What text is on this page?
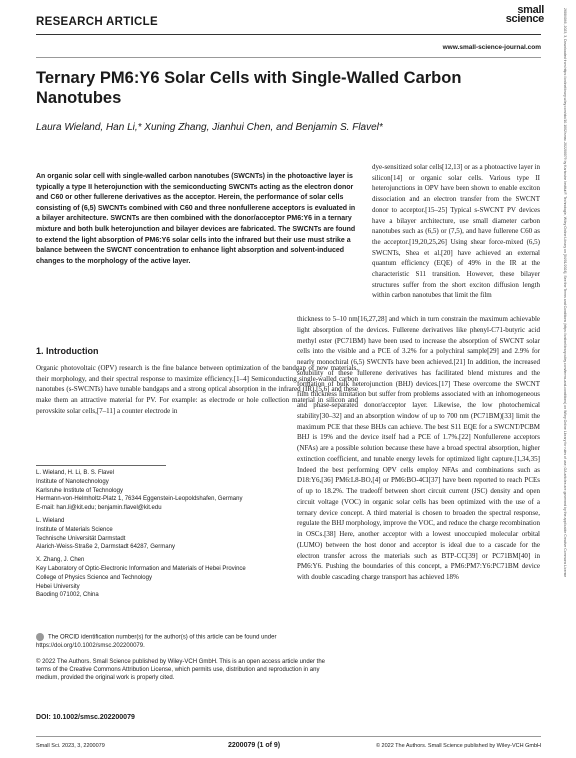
RESEARCH ARTICLE
small
science
www.small-science-journal.com	26884046, 2023, 3, Downloaded from https://onlinelibrary.wiley.com/doi/10.1002/smsc.202200079 by Karlsruhe Institut F. Technologie, Wiley Online Library on [04/01/2024]. See the Terms and Conditions (https://onlinelibrary.wiley.com/terms-and-conditions) on Wiley Online Library for rules of use; OA articles are governed by the applicable Creative Commons License
Ternary PM6:Y6 Solar Cells with Single-Walled Carbon Nanotubes
Laura Wieland, Han Li,* Xuning Zhang, Jianhui Chen, and Benjamin S. Flavel*
An organic solar cell with single-walled carbon nanotubes (SWCNTs) in the photoactive layer is typically a type II heterojunction with the semiconducting SWCNTs acting as the electron donor and C60 or other fullerene derivatives as the acceptor. Herein, the performance of solar cells consisting of (6,5) SWCNTs combined with C60 and three nonfullerene acceptors is evaluated in a bilayer architecture. SWCNTs are then combined with the donor/acceptor PM6:Y6 in a ternary mixture and both bulk heterojunction and bilayer devices are fabricated. The SWCNTs are found to extend the light absorption of PM6:Y6 solar cells into the infrared but their use must strike a balance between the SWCNT concentration to enhance light absorption and solvent-induced changes to the morphology of the active layer.
1. Introduction
Organic photovoltaic (OPV) research is the fine balance between optimization of the bandgap of new materials, their morphology, and their spectral response to maximize efficiency.[1–4] Semiconducting single-walled carbon nanotubes (s-SWCNTs) have tunable bandgaps and a strong optical absorption in the infrared (IR),[5,6] and these make them an attractive material for PV. For example: as electrode or hole collection material in silicon and perovskite solar cells,[7–11] a counter electrode in
L. Wieland, H. Li, B. S. Flavel
Institute of Nanotechnology
Karlsruhe Institute of Technology
Hermann-von-Helmholtz-Platz 1, 76344 Eggenstein-Leopoldshafen, Germany
E-mail: han.li@kit.edu; benjamin.flavel@kit.edu
L. Wieland
Institute of Materials Science
Technische Universität Darmstadt
Alarich-Weiss-Straße 2, Darmstadt 64287, Germany
X. Zhang, J. Chen
Key Laboratory of Optic-Electronic Information and Materials of Hebei Province
College of Physics Science and Technology
Hebei University
Baoding 071002, China
The ORCID identification number(s) for the author(s) of this article can be found under https://doi.org/10.1002/smsc.202200079.
© 2022 The Authors. Small Science published by Wiley-VCH GmbH. This is an open access article under the terms of the Creative Commons Attribution License, which permits use, distribution and reproduction in any medium, provided the original work is properly cited.
DOI: 10.1002/smsc.202200079
dye-sensitized solar cells[12,13] or as a photoactive layer in silicon[14] or organic solar cells. Various type II heterojunctions in OPV have been shown to enable exciton dissociation and an electron transfer from the SWCNT donor to acceptor.[15–25] Typical s-SWCNT PV devices have a bilayer architecture, use small diameter carbon nanotubes such as (6,5) or (7,5), and have fullerene C60 as the acceptor.[19,20,25,26] Using shear force-mixed (6,5) SWCNTs, Shea et al.[20] have achieved an external quantum efficiency (EQE) of 49% in the IR at the characteristic S11 transition. However, these bilayer structures suffer from the short exciton diffusion length within carbon nanotubes that limit the film
thickness to 5–10 nm[16,27,28] and which in turn constrain the maximum achievable light absorption of the devices. Fullerene derivatives like phenyl-C71-butyric acid methyl ester (PC71BM) have been used to increase the absorption of SWCNT solar cells into the visible and a PCE of 3.2% for a polychiral sample[29] and 2.9% for nearly monochiral (6,5) SWCNTs have been achieved.[21] In addition, the increased solubility of these fullerene derivatives has facilitated blend mixtures and the formation of bulk heterojunction (BHJ) devices.[17] These overcome the SWCNT film thickness limitation but suffer from problems associated with an inhomogeneous and phase-separated donor/acceptor layer. Likewise, the low photochemical stability[30–32] and an absorption window of up to 700 nm (PC71BM)[33] limit the maximum PCE that these BHJs can achieve. The best S11 EQE for a SWCNT/PCBM BHJ is 19% and the device itself had a PCE of 1.7%.[22] Nonfullerene acceptors (NFAs) are a possible solution because these have a broad spectral absorption, higher extinction coefficient, and tunable energy levels for optimized light capture.[1,34,35] Indeed the best performing OPV cells employ NFAs and combinations such as D18:Y6,[36] PM6:L8-BO,[4] or PM6:BO-4Cl[37] have been reported to reach PCEs of up to 18.2%. The tradeoff between short circuit current (JSC) density and open circuit voltage (VOC) in organic solar cells has been optimized with the use of a ternary device concept. A third material is chosen to broaden the spectral response, regulate the BHJ morphology, improve the VOC, and reduce the charge recombination in OSCs.[38] Here, another acceptor with a lowest unoccupied molecular orbital (LUMO) between the host donor and acceptor is ideal due to a cascade for the electron transfer across the materials such as BTP-CC[39] or PC71BM[40] in PM6:Y6. Pushing the boundaries of this concept, a PM6:PM7:Y6:PC71BM device with double cascading charge transport has achieved 18%
Small Sci. 2023, 3, 2200079	2200079 (1 of 9)	© 2022 The Authors. Small Science published by Wiley-VCH GmbH
